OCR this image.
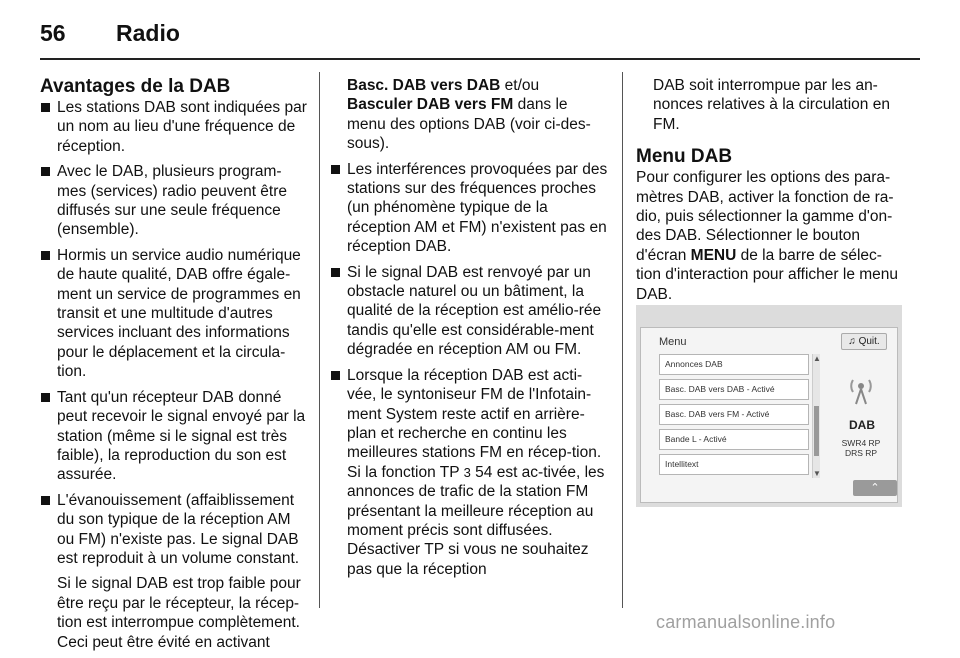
56 Radio
Avantages de la DAB
Les stations DAB sont indiquées par un nom au lieu d'une fréquence de réception.
Avec le DAB, plusieurs program-mes (services) radio peuvent être diffusés sur une seule fréquence (ensemble).
Hormis un service audio numérique de haute qualité, DAB offre égale-ment un service de programmes en transit et une multitude d'autres services incluant des informations pour le déplacement et la circula-tion.
Tant qu'un récepteur DAB donné peut recevoir le signal envoyé par la station (même si le signal est très faible), la reproduction du son est assurée.
L'évanouissement (affaiblissement du son typique de la réception AM ou FM) n'existe pas. Le signal DAB est reproduit à un volume constant.
Si le signal DAB est trop faible pour être reçu par le récepteur, la récep-tion est interrompue complètement. Ceci peut être évité en activant
Basc. DAB vers DAB et/ou
Basculer DAB vers FM dans le menu des options DAB (voir ci-des-sous).
Les interférences provoquées par des stations sur des fréquences proches (un phénomène typique de la réception AM et FM) n'existent pas en réception DAB.
Si le signal DAB est renvoyé par un obstacle naturel ou un bâtiment, la qualité de la réception est amélio-rée tandis qu'elle est considérable-ment dégradée en réception AM ou FM.
Lorsque la réception DAB est acti-vée, le syntoniseur FM de l'Infotain-ment System reste actif en arrière-plan et recherche en continu les meilleures stations FM en récep-tion. Si la fonction TP 3 54 est ac-tivée, les annonces de trafic de la station FM présentant la meilleure réception au moment précis sont diffusées. Désactiver TP si vous ne souhaitez pas que la réception
DAB soit interrompue par les an-nonces relatives à la circulation en FM.
Menu DAB
Pour configurer les options des para-mètres DAB, activer la fonction de ra-dio, puis sélectionner la gamme d'on-des DAB. Sélectionner le bouton d'écran MENU de la barre de sélec-tion d'interaction pour afficher le menu DAB.
Menu	♫ Quit.
Annonces DAB
Basc. DAB vers DAB - Activé
Basc. DAB vers FM - Activé
Bande L - Activé
Intellitext
▲
▼
DAB
SWR4 RP
DRS RP
⌃
carmanualsonline.info
